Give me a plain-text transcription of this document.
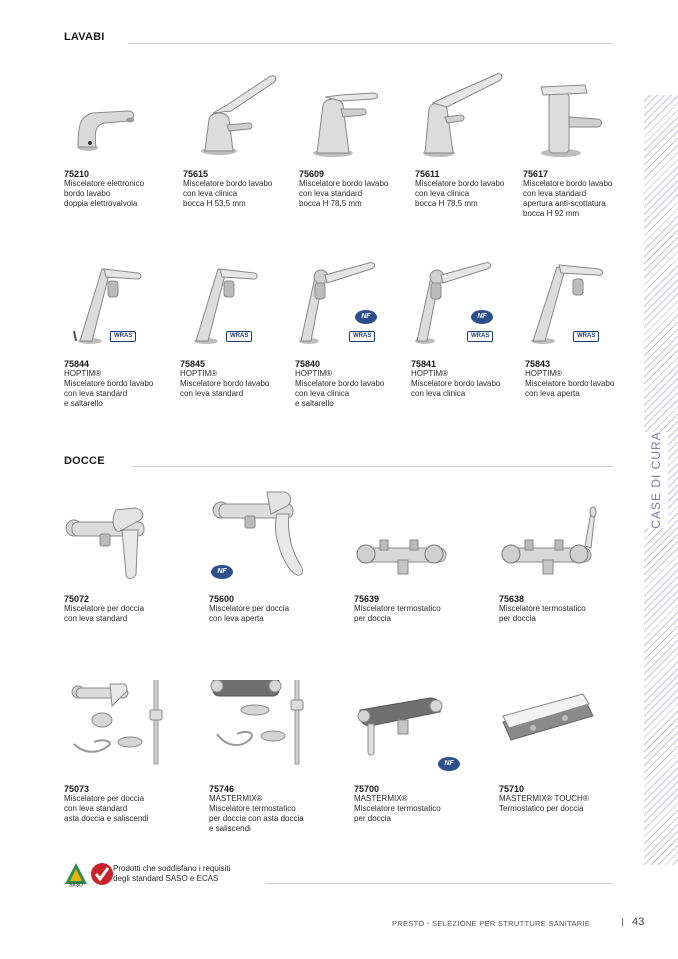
CASE DI CURA
LAVABI
75210
Miscelatore elettronico
bordo lavabo
doppia elettrovalvola
75615
Miscelatore bordo lavabo
con leva clinica
bocca H 53,5 mm
75609
Miscelatore bordo lavabo
con leva standard
bocca H 78,5 mm
75611
Miscelatore bordo lavabo
con leva clinica
bocca H 78,5 mm
75617
Miscelatore bordo lavabo
con leva standard
apertura anti-scottatura
bocca H 92 mm
WRAS
75844
HOPTIM®
Miscelatore bordo lavabo
con leva standard
e saltarello
WRAS
75845
HOPTIM®
Miscelatore bordo lavabo
con leva standard
NF
WRAS
75840
HOPTIM®
Miscelatore bordo lavabo
con leva clinica
e saltarello
NF
WRAS
75841
HOPTIM®
Miscelatore bordo lavabo
con leva clinica
WRAS
75843
HOPTIM®
Miscelatore bordo lavabo
con leva aperta
DOCCE
75072
Miscelatore per doccia
con leva standard
NF
75600
Miscelatore per doccia
con leva aperta
75639
Miscelatore termostatico
per doccia
75638
Miscelatore termostatico
per doccia
75073
Miscelatore per doccia
con leva standard
asta doccia e saliscendi
75746
MASTERMIX®
Miscelatore termostatico
per doccia con asta doccia
e saliscendi
NF
75700
MASTERMIX®
Miscelatore termostatico
per doccia
75710
MASTERMIX® TOUCH®
Termostatico per doccia
SASO
Prodotti che soddisfano i requisiti
degli standard SASO e ECAS
PRESTO - SELEZIONE PER STRUTTURE SANITARIE	I 43
